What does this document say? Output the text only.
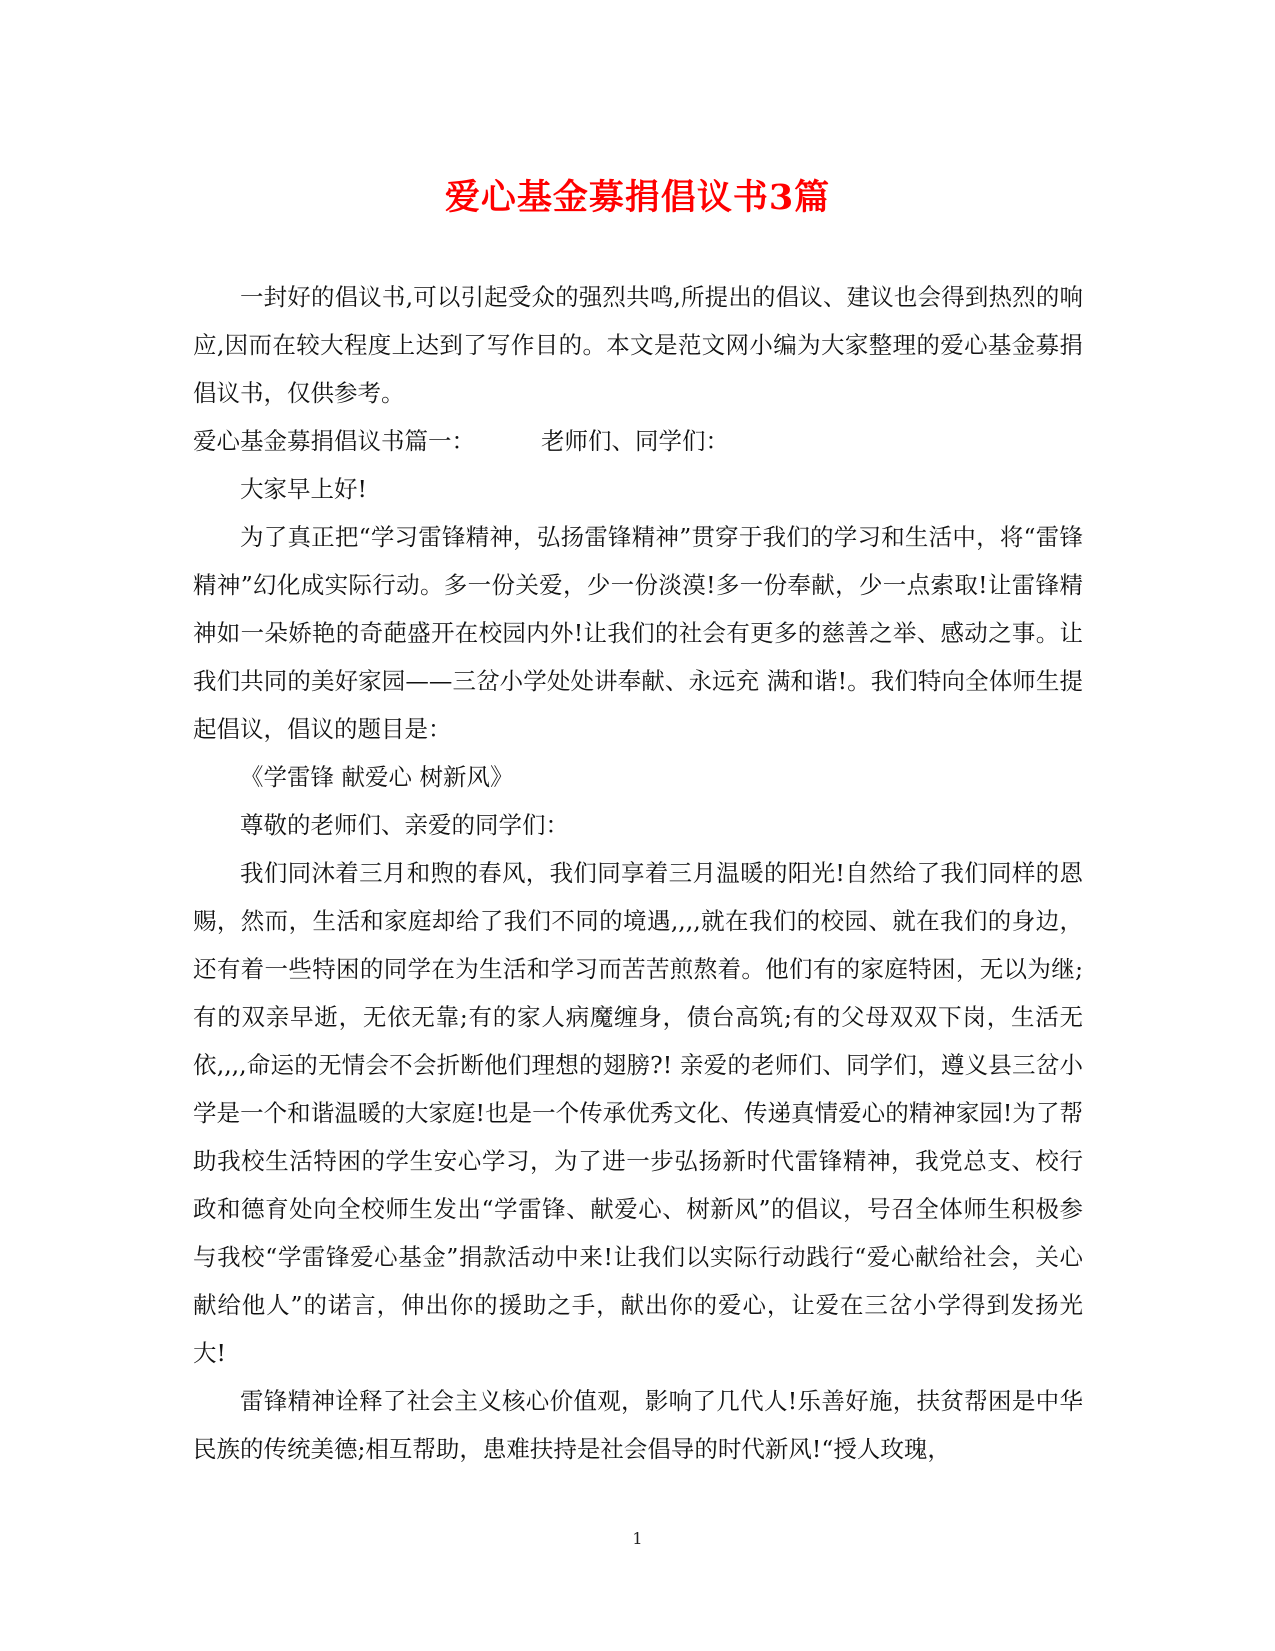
爱心基金募捐倡议书3篇

一封好的倡议书,可以引起受众的强烈共鸣,所提出的倡议、建议也会得到热烈的响应,因而在较大程度上达到了写作目的。本文是范文网小编为大家整理的爱心基金募捐倡议书，仅供参考。

爱心基金募捐倡议书篇一：	老师们、同学们：

大家早上好!

为了真正把“学习雷锋精神，弘扬雷锋精神”贯穿于我们的学习和生活中，将“雷锋精神”幻化成实际行动。多一份关爱，少一份淡漠!多一份奉献，少一点索取!让雷锋精神如一朵娇艳的奇葩盛开在校园内外!让我们的社会有更多的慈善之举、感动之事。让我们共同的美好家园——三岔小学处处讲奉献、永远充 满和谐!。我们特向全体师生提起倡议，倡议的题目是：

《学雷锋 献爱心 树新风》

尊敬的老师们、亲爱的同学们：

我们同沐着三月和煦的春风，我们同享着三月温暖的阳光!自然给了我们同样的恩赐，然而，生活和家庭却给了我们不同的境遇,,,,就在我们的校园、就在我们的身边，还有着一些特困的同学在为生活和学习而苦苦煎熬着。他们有的家庭特困，无以为继;有的双亲早逝，无依无靠;有的家人病魔缠身，债台高筑;有的父母双双下岗，生活无依,,,,命运的无情会不会折断他们理想的翅膀?! 亲爱的老师们、同学们，遵义县三岔小学是一个和谐温暖的大家庭!也是一个传承优秀文化、传递真情爱心的精神家园!为了帮助我校生活特困的学生安心学习，为了进一步弘扬新时代雷锋精神，我党总支、校行政和德育处向全校师生发出“学雷锋、献爱心、树新风”的倡议，号召全体师生积极参与我校“学雷锋爱心基金”捐款活动中来!让我们以实际行动践行“爱心献给社会，关心献给他人”的诺言，伸出你的援助之手，献出你的爱心，让爱在三岔小学得到发扬光大!

雷锋精神诠释了社会主义核心价值观，影响了几代人!乐善好施，扶贫帮困是中华民族的传统美德;相互帮助，患难扶持是社会倡导的时代新风!“授人玫瑰，

1
